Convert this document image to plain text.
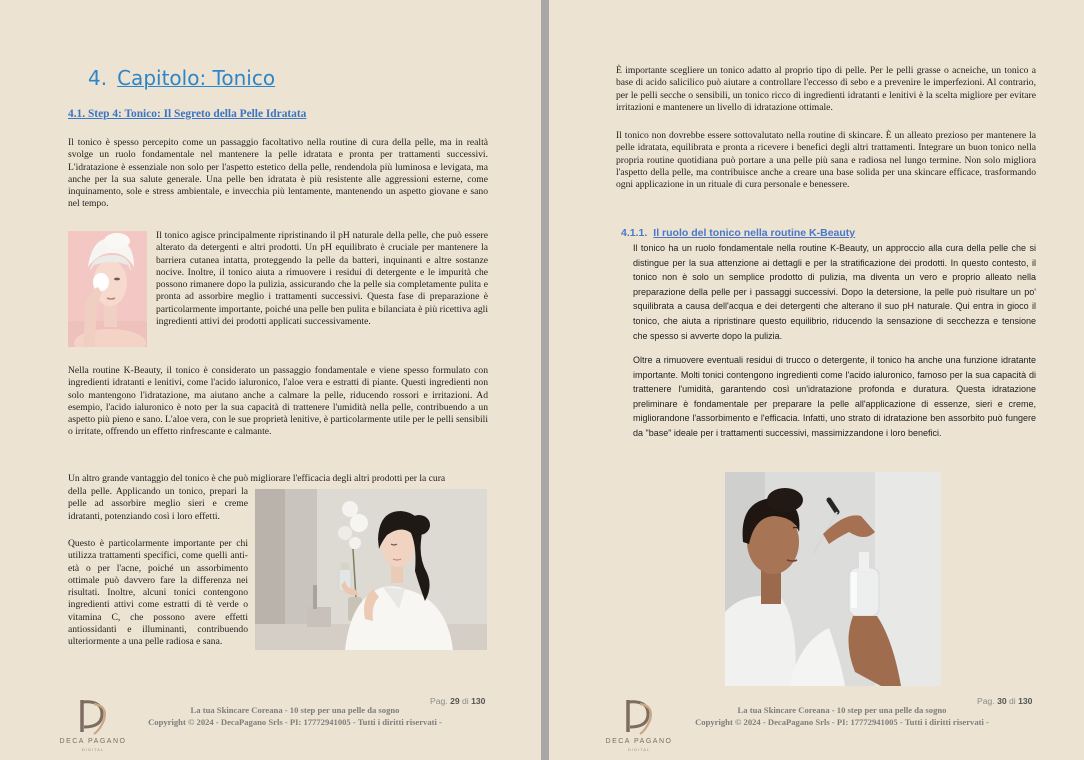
4. Capitolo: Tonico
4.1. Step 4: Tonico: Il Segreto della Pelle Idratata

Il tonico è spesso percepito come un passaggio facoltativo nella routine di cura della pelle, ma in realtà svolge un ruolo fondamentale nel mantenere la pelle idratata e pronta per trattamenti successivi. L'idratazione è essenziale non solo per l'aspetto estetico della pelle, rendendola più luminosa e levigata, ma anche per la sua salute generale. Una pelle ben idratata è più resistente alle aggressioni esterne, come inquinamento, sole e stress ambientale, e invecchia più lentamente, mantenendo un aspetto giovane e sano nel tempo.

Il tonico agisce principalmente ripristinando il pH naturale della pelle, che può essere alterato da detergenti e altri prodotti. Un pH equilibrato è cruciale per mantenere la barriera cutanea intatta, proteggendo la pelle da batteri, inquinanti e altre sostanze nocive. Inoltre, il tonico aiuta a rimuovere i residui di detergente e le impurità che possono rimanere dopo la pulizia, assicurando che la pelle sia completamente pulita e pronta ad assorbire meglio i trattamenti successivi. Questa fase di preparazione è particolarmente importante, poiché una pelle ben pulita e bilanciata è più ricettiva agli ingredienti attivi dei prodotti applicati successivamente.

Nella routine K-Beauty, il tonico è considerato un passaggio fondamentale e viene spesso formulato con ingredienti idratanti e lenitivi, come l'acido ialuronico, l'aloe vera e estratti di piante. Questi ingredienti non solo mantengono l'idratazione, ma aiutano anche a calmare la pelle, riducendo rossori e irritazioni. Ad esempio, l'acido ialuronico è noto per la sua capacità di trattenere l'umidità nella pelle, contribuendo a un aspetto più pieno e sano. L'aloe vera, con le sue proprietà lenitive, è particolarmente utile per le pelli sensibili o irritate, offrendo un effetto rinfrescante e calmante.

Un altro grande vantaggio del tonico è che può migliorare l'efficacia degli altri prodotti per la cura

della pelle. Applicando un tonico, prepari la pelle ad assorbire meglio sieri e creme idratanti, potenziando così i loro effetti.

Questo è particolarmente importante per chi utilizza trattamenti specifici, come quelli anti-età o per l'acne, poiché un assorbimento ottimale può davvero fare la differenza nei risultati. Inoltre, alcuni tonici contengono ingredienti attivi come estratti di tè verde o vitamina C, che possono avere effetti antiossidanti e illuminanti, contribuendo ulteriormente a una pelle radiosa e sana.

DECA PAGANO
DIGITAL
La tua Skincare Coreana - 10 step per una pelle da sogno
Copyright © 2024 - DecaPagano Srls - PI: 17772941005 - Tutti i diritti riservati -
Pag. 29 di 130

È importante scegliere un tonico adatto al proprio tipo di pelle. Per le pelli grasse o acneiche, un tonico a base di acido salicilico può aiutare a controllare l'eccesso di sebo e a prevenire le imperfezioni. Al contrario, per le pelli secche o sensibili, un tonico ricco di ingredienti idratanti e lenitivi è la scelta migliore per evitare irritazioni e mantenere un livello di idratazione ottimale.

Il tonico non dovrebbe essere sottovalutato nella routine di skincare. È un alleato prezioso per mantenere la pelle idratata, equilibrata e pronta a ricevere i benefici degli altri trattamenti. Integrare un buon tonico nella propria routine quotidiana può portare a una pelle più sana e radiosa nel lungo termine. Non solo migliora l'aspetto della pelle, ma contribuisce anche a creare una base solida per una skincare efficace, trasformando ogni applicazione in un rituale di cura personale e benessere.

4.1.1. Il ruolo del tonico nella routine K-Beauty

Il tonico ha un ruolo fondamentale nella routine K-Beauty, un approccio alla cura della pelle che si distingue per la sua attenzione ai dettagli e per la stratificazione dei prodotti. In questo contesto, il tonico non è solo un semplice prodotto di pulizia, ma diventa un vero e proprio alleato nella preparazione della pelle per i passaggi successivi. Dopo la detersione, la pelle può risultare un po' squilibrata a causa dell'acqua e dei detergenti che alterano il suo pH naturale. Qui entra in gioco il tonico, che aiuta a ripristinare questo equilibrio, riducendo la sensazione di secchezza e tensione che spesso si avverte dopo la pulizia.

Oltre a rimuovere eventuali residui di trucco o detergente, il tonico ha anche una funzione idratante importante. Molti tonici contengono ingredienti come l'acido ialuronico, famoso per la sua capacità di trattenere l'umidità, garantendo così un'idratazione profonda e duratura. Questa idratazione preliminare è fondamentale per preparare la pelle all'applicazione di essenze, sieri e creme, migliorandone l'assorbimento e l'efficacia. Infatti, uno strato di idratazione ben assorbito può fungere da "base" ideale per i trattamenti successivi, massimizzandone i loro benefici.

DECA PAGANO
DIGITAL
La tua Skincare Coreana - 10 step per una pelle da sogno
Copyright © 2024 - DecaPagano Srls - PI: 17772941005 - Tutti i diritti riservati -
Pag. 30 di 130
